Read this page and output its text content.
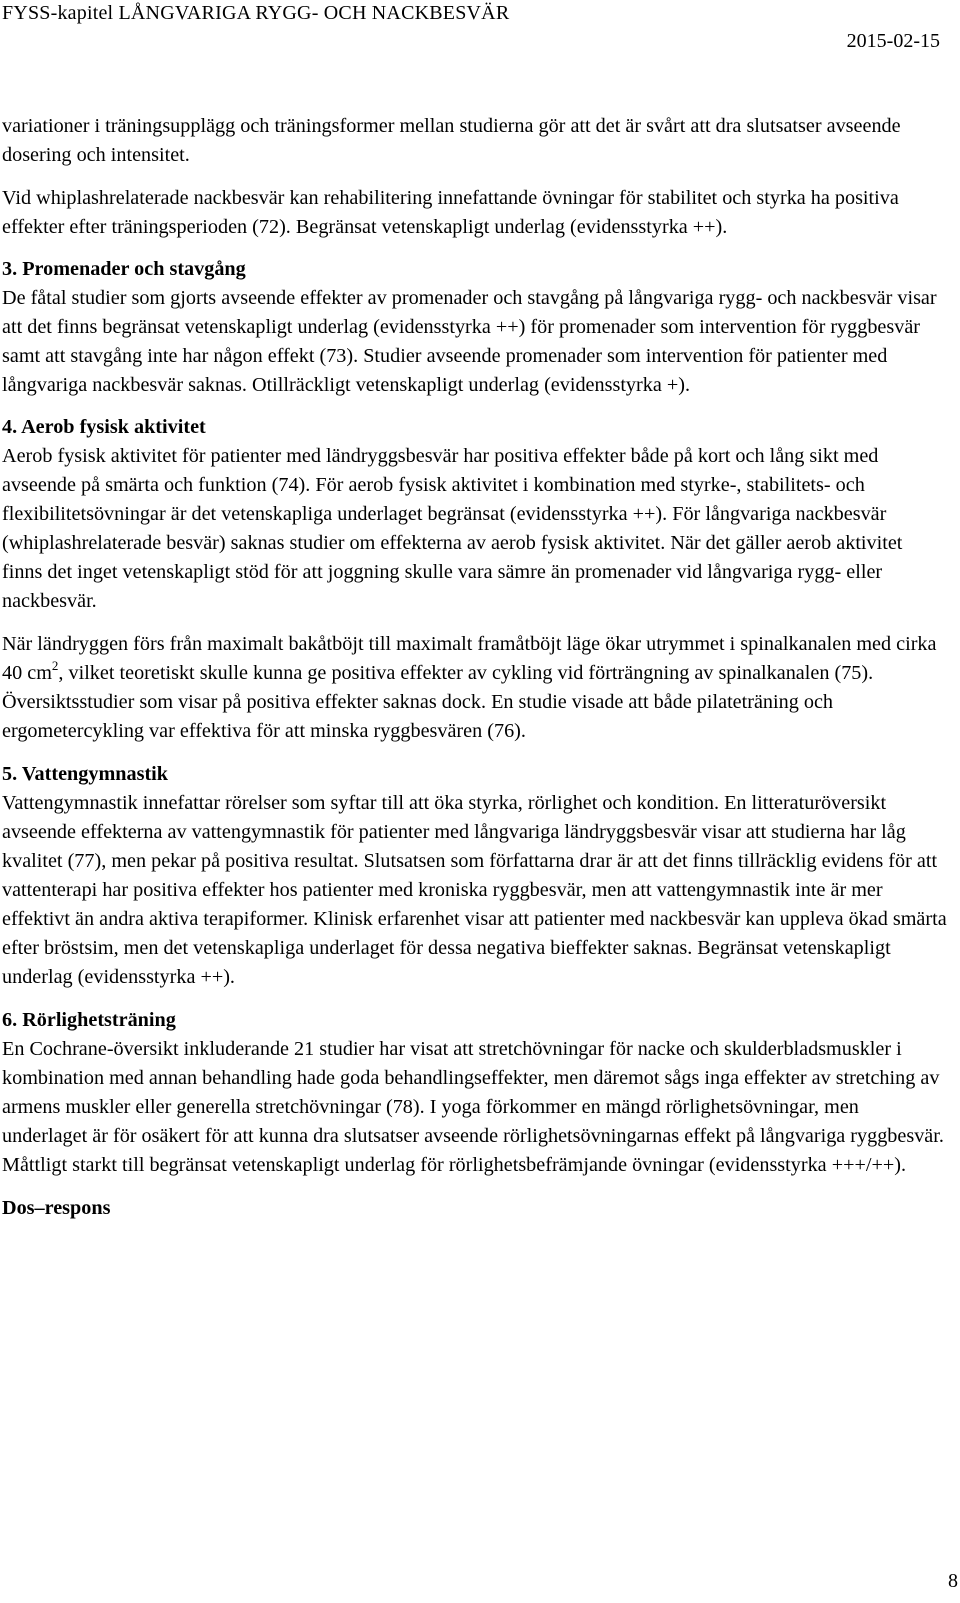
FYSS-kapitel LÅNGVARIGA RYGG- OCH NACKBESVÄR
2015-02-15

variationer i träningsupplägg och träningsformer mellan studierna gör att det är svårt att dra slutsatser avseende dosering och intensitet.

Vid whiplashrelaterade nackbesvär kan rehabilitering innefattande övningar för stabilitet och styrka ha positiva effekter efter träningsperioden (72). Begränsat vetenskapligt underlag (evidensstyrka ++).

3. Promenader och stavgång

De fåtal studier som gjorts avseende effekter av promenader och stavgång på långvariga rygg- och nackbesvär visar att det finns begränsat vetenskapligt underlag (evidensstyrka ++) för promenader som intervention för ryggbesvär samt att stavgång inte har någon effekt (73). Studier avseende promenader som intervention för patienter med långvariga nackbesvär saknas. Otillräckligt vetenskapligt underlag (evidensstyrka +).

4. Aerob fysisk aktivitet

Aerob fysisk aktivitet för patienter med ländryggsbesvär har positiva effekter både på kort och lång sikt med avseende på smärta och funktion (74). För aerob fysisk aktivitet i kombination med styrke-, stabilitets- och flexibilitetsövningar är det vetenskapliga underlaget begränsat (evidensstyrka ++). För långvariga nackbesvär (whiplashrelaterade besvär) saknas studier om effekterna av aerob fysisk aktivitet. När det gäller aerob aktivitet finns det inget vetenskapligt stöd för att joggning skulle vara sämre än promenader vid långvariga rygg- eller nackbesvär.

När ländryggen förs från maximalt bakåtböjt till maximalt framåtböjt läge ökar utrymmet i spinalkanalen med cirka 40 $cm^2$, vilket teoretiskt skulle kunna ge positiva effekter av cykling vid förträngning av spinalkanalen (75). Översiktsstudier som visar på positiva effekter saknas dock. En studie visade att både pilateträning och ergometercykling var effektiva för att minska ryggbesvären (76).

5. Vattengymnastik

Vattengymnastik innefattar rörelser som syftar till att öka styrka, rörlighet och kondition. En litteraturöversikt avseende effekterna av vattengymnastik för patienter med långvariga ländryggsbesvär visar att studierna har låg kvalitet (77), men pekar på positiva resultat. Slutsatsen som författarna drar är att det finns tillräcklig evidens för att vattenterapi har positiva effekter hos patienter med kroniska ryggbesvär, men att vattengymnastik inte är mer effektivt än andra aktiva terapiformer. Klinisk erfarenhet visar att patienter med nackbesvär kan uppleva ökad smärta efter bröstsim, men det vetenskapliga underlaget för dessa negativa bieffekter saknas. Begränsat vetenskapligt underlag (evidensstyrka ++).

6. Rörlighetsträning

En Cochrane-översikt inkluderande 21 studier har visat att stretchövningar för nacke och skulderbladsmuskler i kombination med annan behandling hade goda behandlingseffekter, men däremot sågs inga effekter av stretching av armens muskler eller generella stretchövningar (78). I yoga förkommer en mängd rörlighetsövningar, men underlaget är för osäkert för att kunna dra slutsatser avseende rörlighetsövningarnas effekt på långvariga ryggbesvär. Måttligt starkt till begränsat vetenskapligt underlag för rörlighetsbefrämjande övningar (evidensstyrka +++/++).

Dos–respons

8
